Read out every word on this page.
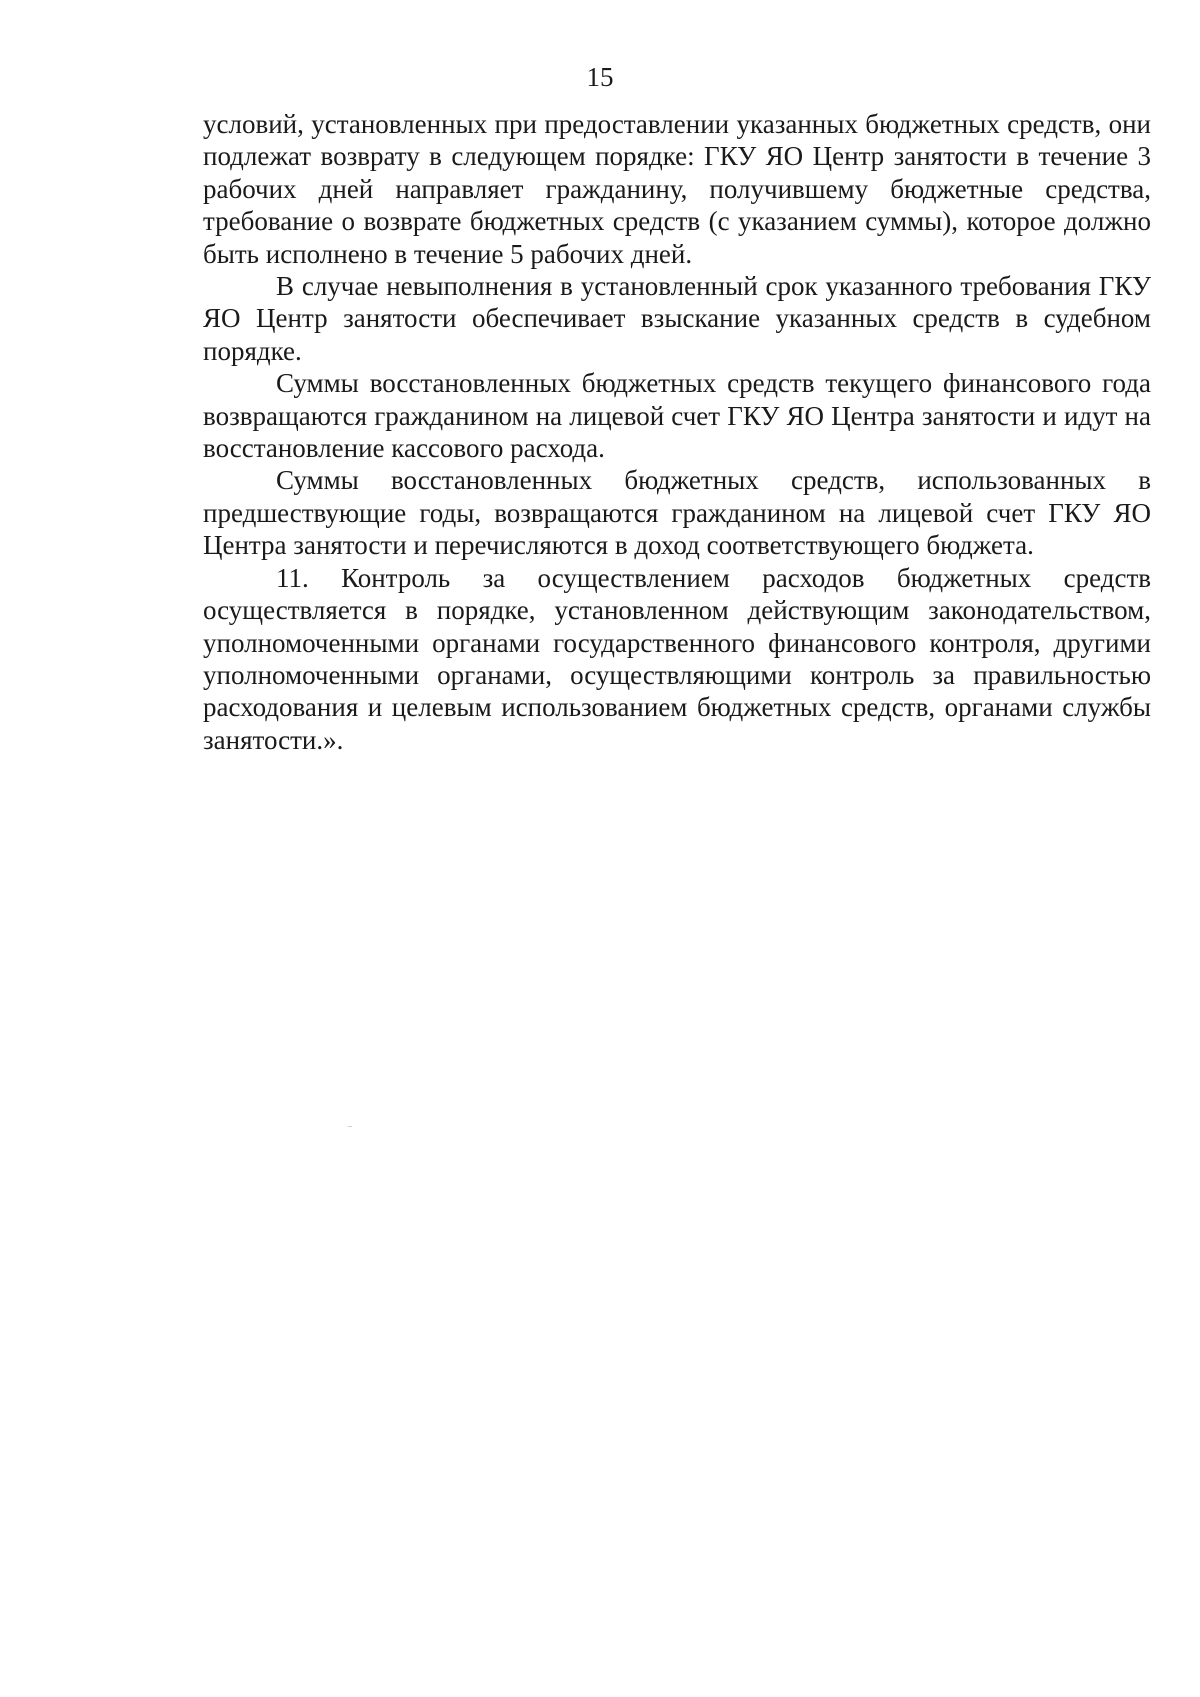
15

условий, установленных при предоставлении указанных бюджетных средств, они подлежат возврату в следующем порядке: ГКУ ЯО Центр занятости в течение 3 рабочих дней направляет гражданину, получившему бюджетные средства, требование о возврате бюджетных средств (с указанием суммы), которое должно быть исполнено в течение 5 рабочих дней.

В случае невыполнения в установленный срок указанного требования ГКУ ЯО Центр занятости обеспечивает взыскание указанных средств в судебном порядке.

Суммы восстановленных бюджетных средств текущего финансового года возвращаются гражданином на лицевой счет ГКУ ЯО Центра занятости и идут на восстановление кассового расхода.

Суммы восстановленных бюджетных средств, использованных в предшествующие годы, возвращаются гражданином на лицевой счет ГКУ ЯО Центра занятости и перечисляются в доход соответствующего бюджета.

11. Контроль за осуществлением расходов бюджетных средств осуществляется в порядке, установленном действующим законодательством, уполномоченными органами государственного финансового контроля, другими уполномоченными органами, осуществляющими контроль за правильностью расходования и целевым использованием бюджетных средств, органами службы занятости.».
